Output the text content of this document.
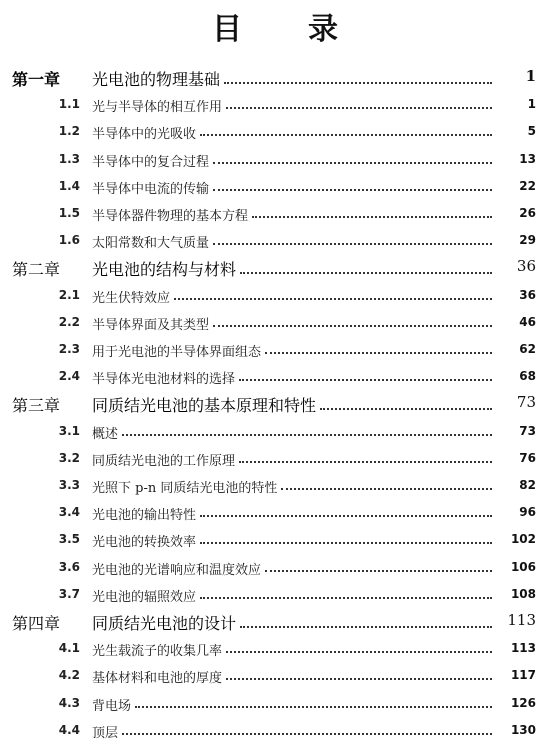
目 录
第一章 光电池的物理基础	1
1.1 光与半导体的相互作用	1
1.2 半导体中的光吸收	5
1.3 半导体中的复合过程	13
1.4 半导体中电流的传输	22
1.5 半导体器件物理的基本方程	26
1.6 太阳常数和大气质量	29
第二章 光电池的结构与材料	36
2.1 光生伏特效应	36
2.2 半导体界面及其类型	46
2.3 用于光电池的半导体界面组态	62
2.4 半导体光电池材料的选择	68
第三章 同质结光电池的基本原理和特性	73
3.1 概述	73
3.2 同质结光电池的工作原理	76
3.3 光照下 p-n 同质结光电池的特性	82
3.4 光电池的输出特性	96
3.5 光电池的转换效率	102
3.6 光电池的光谱响应和温度效应	106
3.7 光电池的辐照效应	108
第四章 同质结光电池的设计	113
4.1 光生载流子的收集几率	113
4.2 基体材料和电池的厚度	117
4.3 背电场	126
4.4 顶层	130
